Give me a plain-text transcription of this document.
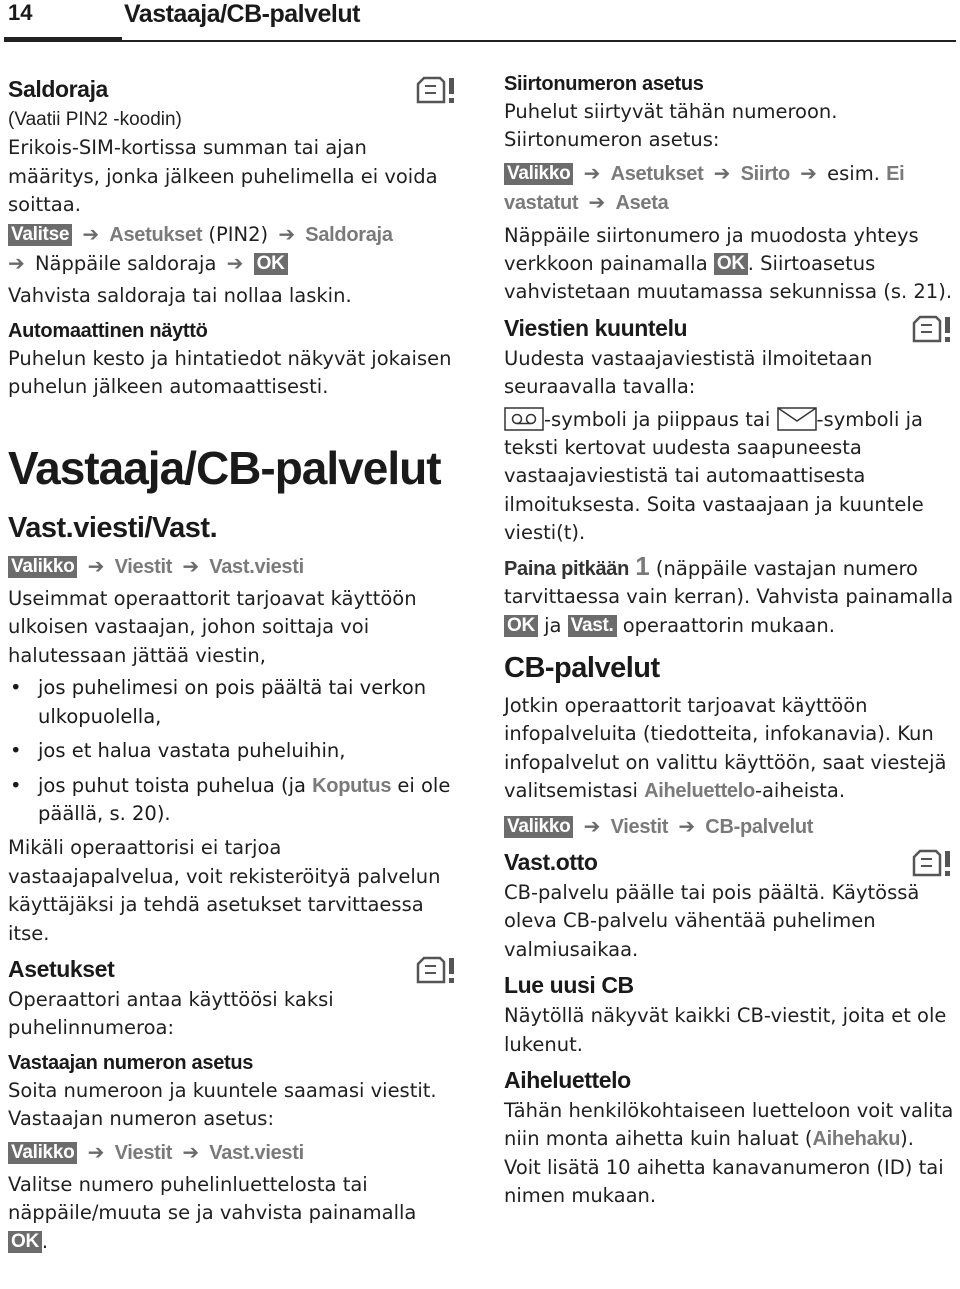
14	Vastaaja/CB-palvelut
Saldoraja

(Vaatii PIN2 -koodin)

Erikois-SIM-kortissa summan tai ajan määritys, jonka jälkeen puhelimella ei voida soittaa.

Valitse ➔ Asetukset (PIN2) ➔ Saldoraja
➔ Näppäile saldoraja ➔ OK

Vahvista saldoraja tai nollaa laskin.

Automaattinen näyttö

Puhelun kesto ja hintatiedot näkyvät jokaisen puhelun jälkeen automaattisesti.

Vastaaja/CB-palvelut
Vast.viesti/Vast.

Valikko ➔ Viestit ➔ Vast.viesti

Useimmat operaattorit tarjoavat käyttöön ulkoisen vastaajan, johon soittaja voi halutessaan jättää viestin,

• jos puhelimesi on pois päältä tai verkon ulkopuolella,
• jos et halua vastata puheluihin,
• jos puhut toista puhelua (ja Koputus ei ole päällä, s. 20).

Mikäli operaattorisi ei tarjoa vastaajapalvelua, voit rekisteröityä palvelun käyttäjäksi ja tehdä asetukset tarvittaessa itse.

Asetukset

Operaattori antaa käyttöösi kaksi puhelinnumeroa:

Vastaajan numeron asetus

Soita numeroon ja kuuntele saamasi viestit. Vastaajan numeron asetus:

Valikko ➔ Viestit ➔ Vast.viesti

Valitse numero puhelinluettelosta tai näppäile/muuta se ja vahvista painamalla
OK .

Siirtonumeron asetus

Puhelut siirtyvät tähän numeroon. Siirtonumeron asetus:

Valikko ➔ Asetukset ➔ Siirto ➔ esim. Ei vastatut ➔ Aseta

Näppäile siirtonumero ja muodosta yhteys verkkoon painamalla OK . Siirtoasetus vahvistetaan muutamassa sekunnissa (s. 21).

Viestien kuuntelu

Uudesta vastaajaviestistä ilmoitetaan seuraavalla tavalla:

-symboli ja piippaus tai -symboli ja teksti kertovat uudesta saapuneesta vastaajaviestistä tai automaattisesta ilmoituksesta. Soita vastaajaan ja kuuntele viesti(t).

Paina pitkään 1 (näppäile vastajan numero tarvittaessa vain kerran). Vahvista painamalla OK ja Vast. operaattorin mukaan.

CB-palvelut

Jotkin operaattorit tarjoavat käyttöön infopalveluita (tiedotteita, infokanavia). Kun infopalvelut on valittu käyttöön, saat viestejä valitsemistasi Aiheluettelo-aiheista.

Valikko ➔ Viestit ➔ CB-palvelut

Vast.otto

CB-palvelu päälle tai pois päältä. Käytössä oleva CB-palvelu vähentää puhelimen valmiusaikaa.

Lue uusi CB

Näytöllä näkyvät kaikki CB-viestit, joita et ole lukenut.

Aiheluettelo

Tähän henkilökohtaiseen luetteloon voit valita niin monta aihetta kuin haluat (Aihehaku). Voit lisätä 10 aihetta kanavanumeron (ID) tai nimen mukaan.
